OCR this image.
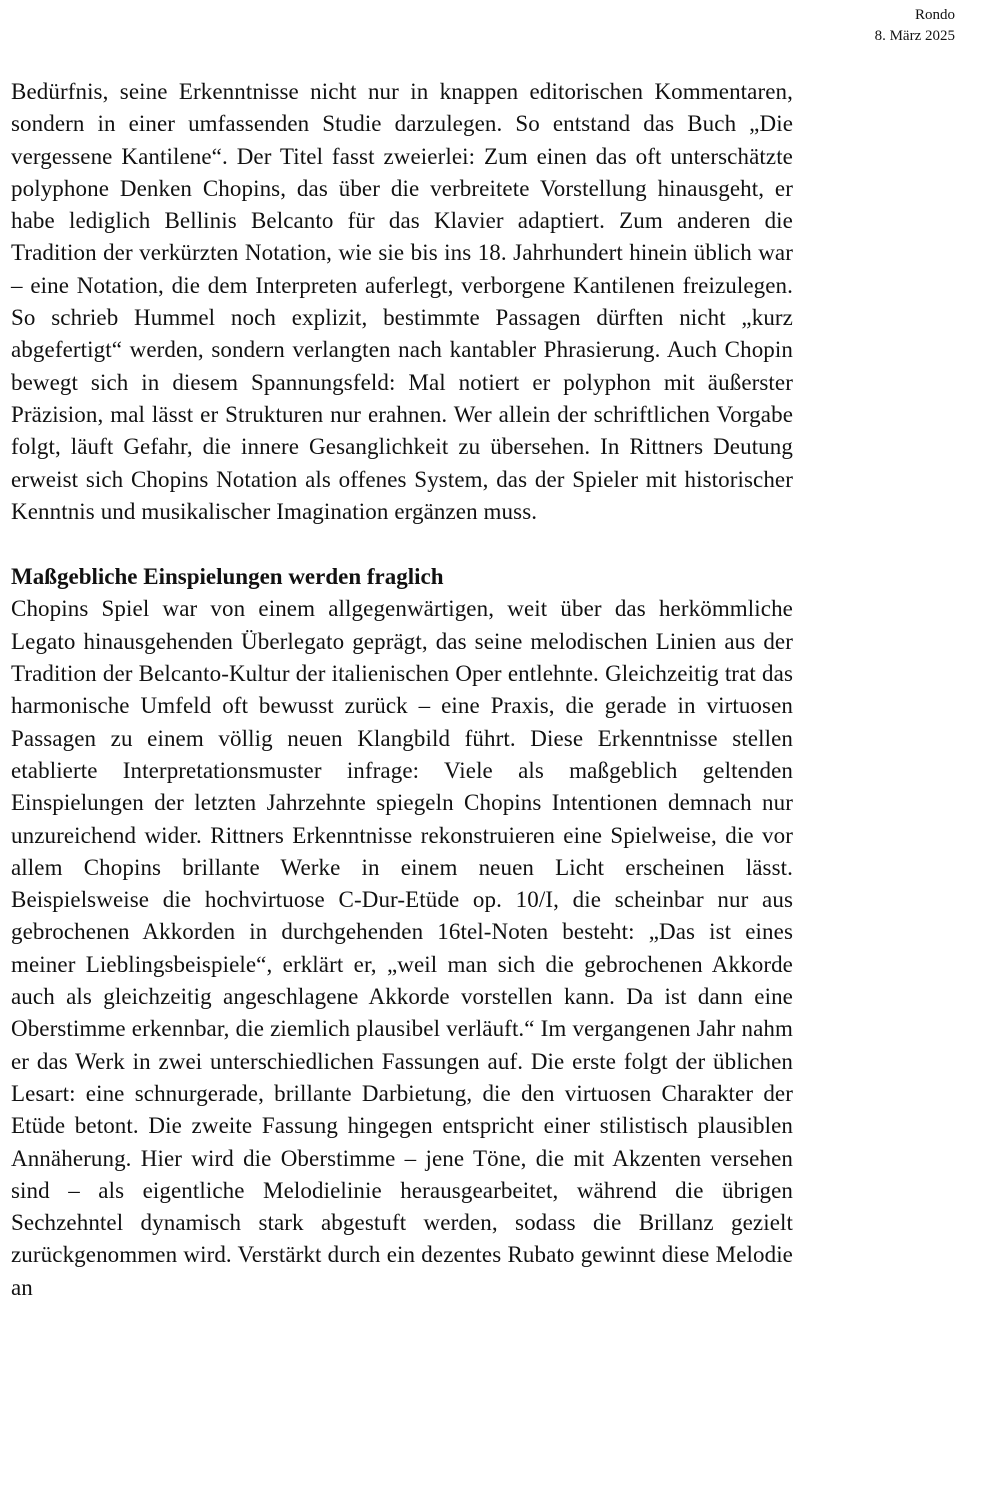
Rondo
8. März 2025

Bedürfnis, seine Erkenntnisse nicht nur in knappen editorischen Kommentaren, sondern in einer umfassenden Studie darzulegen. So entstand das Buch „Die vergessene Kantilene“. Der Titel fasst zweierlei: Zum einen das oft unterschätzte polyphone Denken Chopins, das über die verbreitete Vorstellung hinausgeht, er habe lediglich Bellinis Belcanto für das Klavier adaptiert. Zum anderen die Tradition der verkürzten Notation, wie sie bis ins 18. Jahrhundert hinein üblich war – eine Notation, die dem Interpreten auferlegt, verborgene Kantilenen freizulegen. So schrieb Hummel noch explizit, bestimmte Passagen dürften nicht „kurz abgefertigt“ werden, sondern verlangten nach kantabler Phrasierung. Auch Chopin bewegt sich in diesem Spannungsfeld: Mal notiert er polyphon mit äußerster Präzision, mal lässt er Strukturen nur erahnen. Wer allein der schriftlichen Vorgabe folgt, läuft Gefahr, die innere Gesanglichkeit zu übersehen. In Rittners Deutung erweist sich Chopins Notation als offenes System, das der Spieler mit historischer Kenntnis und musikalischer Imagination ergänzen muss.

Maßgebliche Einspielungen werden fraglich

Chopins Spiel war von einem allgegenwärtigen, weit über das herkömmliche Legato hinausgehenden Überlegato geprägt, das seine melodischen Linien aus der Tradition der Belcanto-Kultur der italienischen Oper entlehnte. Gleichzeitig trat das harmonische Umfeld oft bewusst zurück – eine Praxis, die gerade in virtuosen Passagen zu einem völlig neuen Klangbild führt. Diese Erkenntnisse stellen etablierte Interpretationsmuster infrage: Viele als maßgeblich geltenden Einspielungen der letzten Jahrzehnte spiegeln Chopins Intentionen demnach nur unzureichend wider. Rittners Erkenntnisse rekonstruieren eine Spielweise, die vor allem Chopins brillante Werke in einem neuen Licht erscheinen lässt. Beispielsweise die hochvirtuose C-Dur-Etüde op. 10/I, die scheinbar nur aus gebrochenen Akkorden in durchgehenden 16tel-Noten besteht: „Das ist eines meiner Lieblingsbeispiele“, erklärt er, „weil man sich die gebrochenen Akkorde auch als gleichzeitig angeschlagene Akkorde vorstellen kann. Da ist dann eine Oberstimme erkennbar, die ziemlich plausibel verläuft.“ Im vergangenen Jahr nahm er das Werk in zwei unterschiedlichen Fassungen auf. Die erste folgt der üblichen Lesart: eine schnurgerade, brillante Darbietung, die den virtuosen Charakter der Etüde betont. Die zweite Fassung hingegen entspricht einer stilistisch plausiblen Annäherung. Hier wird die Oberstimme – jene Töne, die mit Akzenten versehen sind – als eigentliche Melodielinie herausgearbeitet, während die übrigen Sechzehntel dynamisch stark abgestuft werden, sodass die Brillanz gezielt zurückgenommen wird. Verstärkt durch ein dezentes Rubato gewinnt diese Melodie an
